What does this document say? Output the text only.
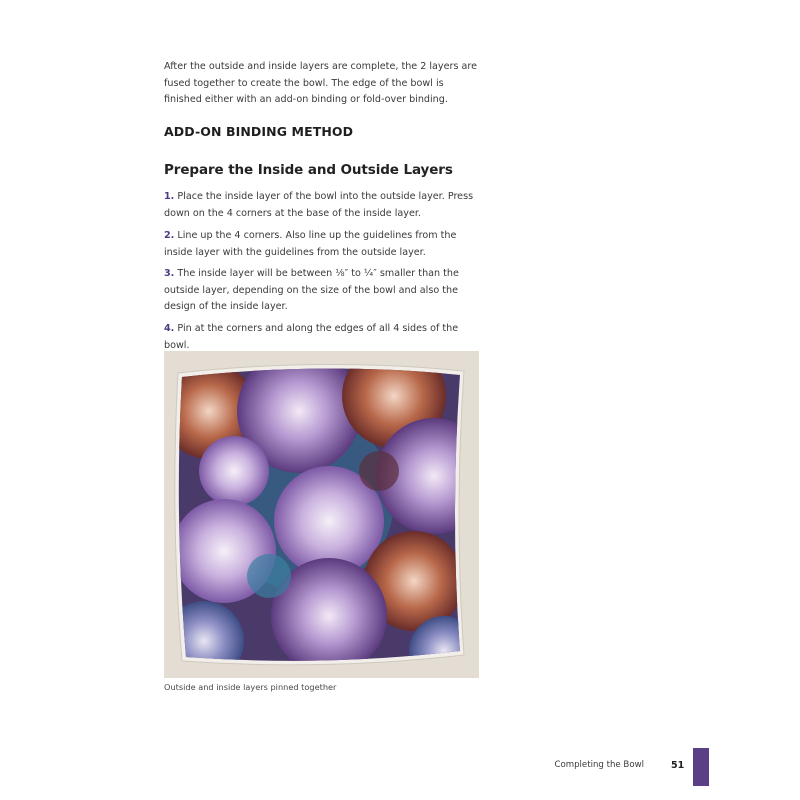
After the outside and inside layers are complete, the 2 layers are fused together to create the bowl. The edge of the bowl is finished either with an add-on binding or fold-over binding.

ADD-ON BINDING METHOD
Prepare the Inside and Outside Layers

1. Place the inside layer of the bowl into the outside layer. Press down on the 4 corners at the base of the inside layer.

2. Line up the 4 corners. Also line up the guidelines from the inside layer with the guidelines from the outside layer.

3. The inside layer will be between ⅛″ to ¼″ smaller than the outside layer, depending on the size of the bowl and also the design of the inside layer.

4. Pin at the corners and along the edges of all 4 sides of the bowl.

Outside and inside layers pinned together

Completing the Bowl	51
